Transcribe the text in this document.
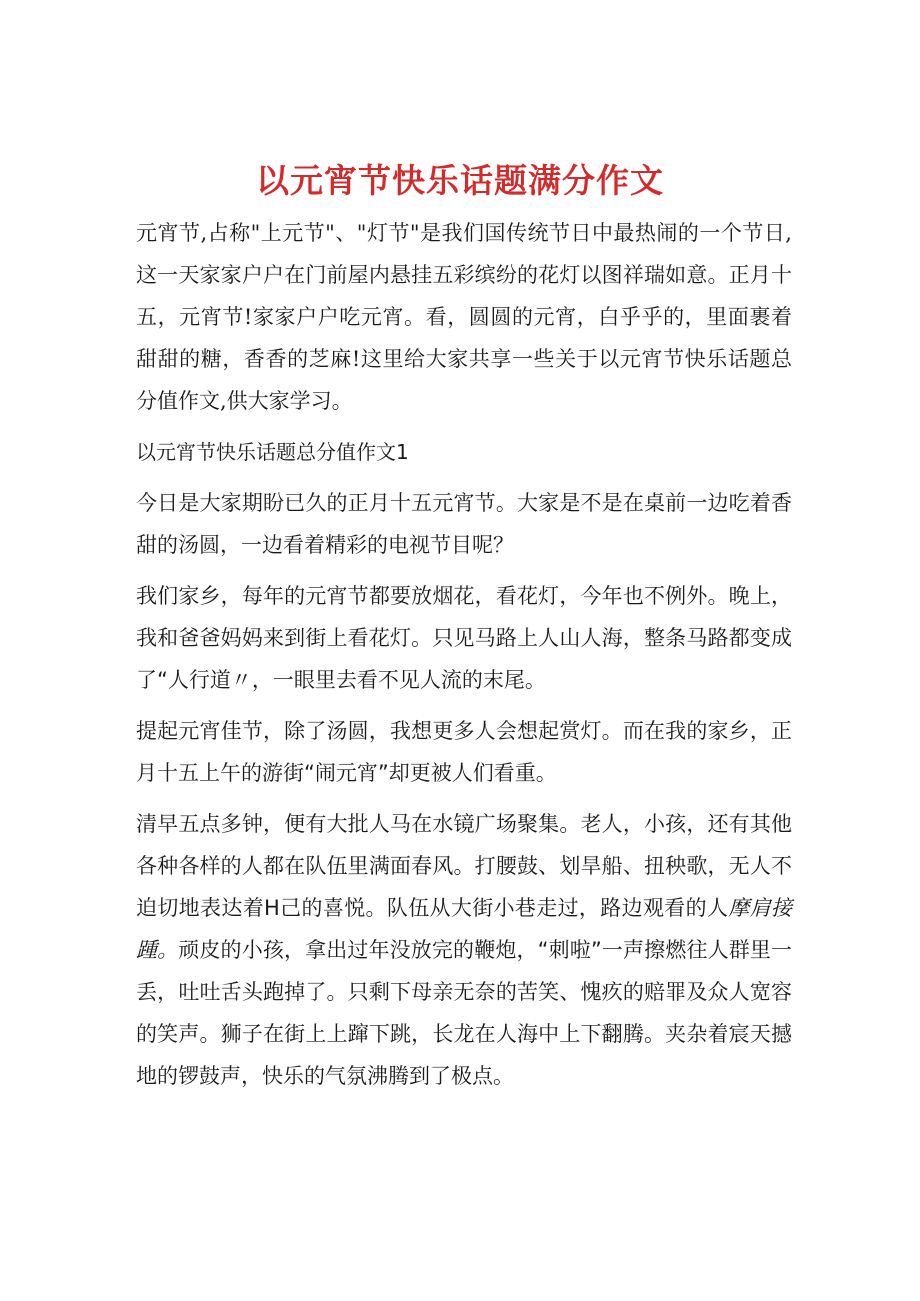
以元宵节快乐话题满分作文

元宵节,占称"上元节"、"灯节"是我们国传统节日中最热闹的一个节日,这一天家家户户在门前屋内悬挂五彩缤纷的花灯以图祥瑞如意。正月十五，元宵节!家家户户吃元宵。看，圆圆的元宵，白乎乎的，里面裹着甜甜的糖，香香的芝麻!这里给大家共享一些关于以元宵节快乐话题总分值作文,供大家学习。

以元宵节快乐话题总分值作文1

今日是大家期盼已久的正月十五元宵节。大家是不是在桌前一边吃着香甜的汤圆，一边看着精彩的电视节目呢？

我们家乡，每年的元宵节都要放烟花，看花灯，今年也不例外。晚上，我和爸爸妈妈来到街上看花灯。只见马路上人山人海，整条马路都变成了“人行道〃，一眼里去看不见人流的末尾。

提起元宵佳节，除了汤圆，我想更多人会想起赏灯。而在我的家乡，正月十五上午的游街“闹元宵”却更被人们看重。

清早五点多钟，便有大批人马在水镜广场聚集。老人，小孩，还有其他各种各样的人都在队伍里满面春风。打腰鼓、划旱船、扭秧歌，无人不迫切地表达着H己的喜悦。队伍从大街小巷走过，路边观看的人摩肩接踵。顽皮的小孩，拿出过年没放完的鞭炮，“刺啦”一声擦燃往人群里一丢，吐吐舌头跑掉了。只剩下母亲无奈的苦笑、愧疚的赔罪及众人宽容的笑声。狮子在街上上蹿下跳，长龙在人海中上下翻腾。夹杂着宸天撼地的锣鼓声，快乐的气氛沸腾到了极点。
